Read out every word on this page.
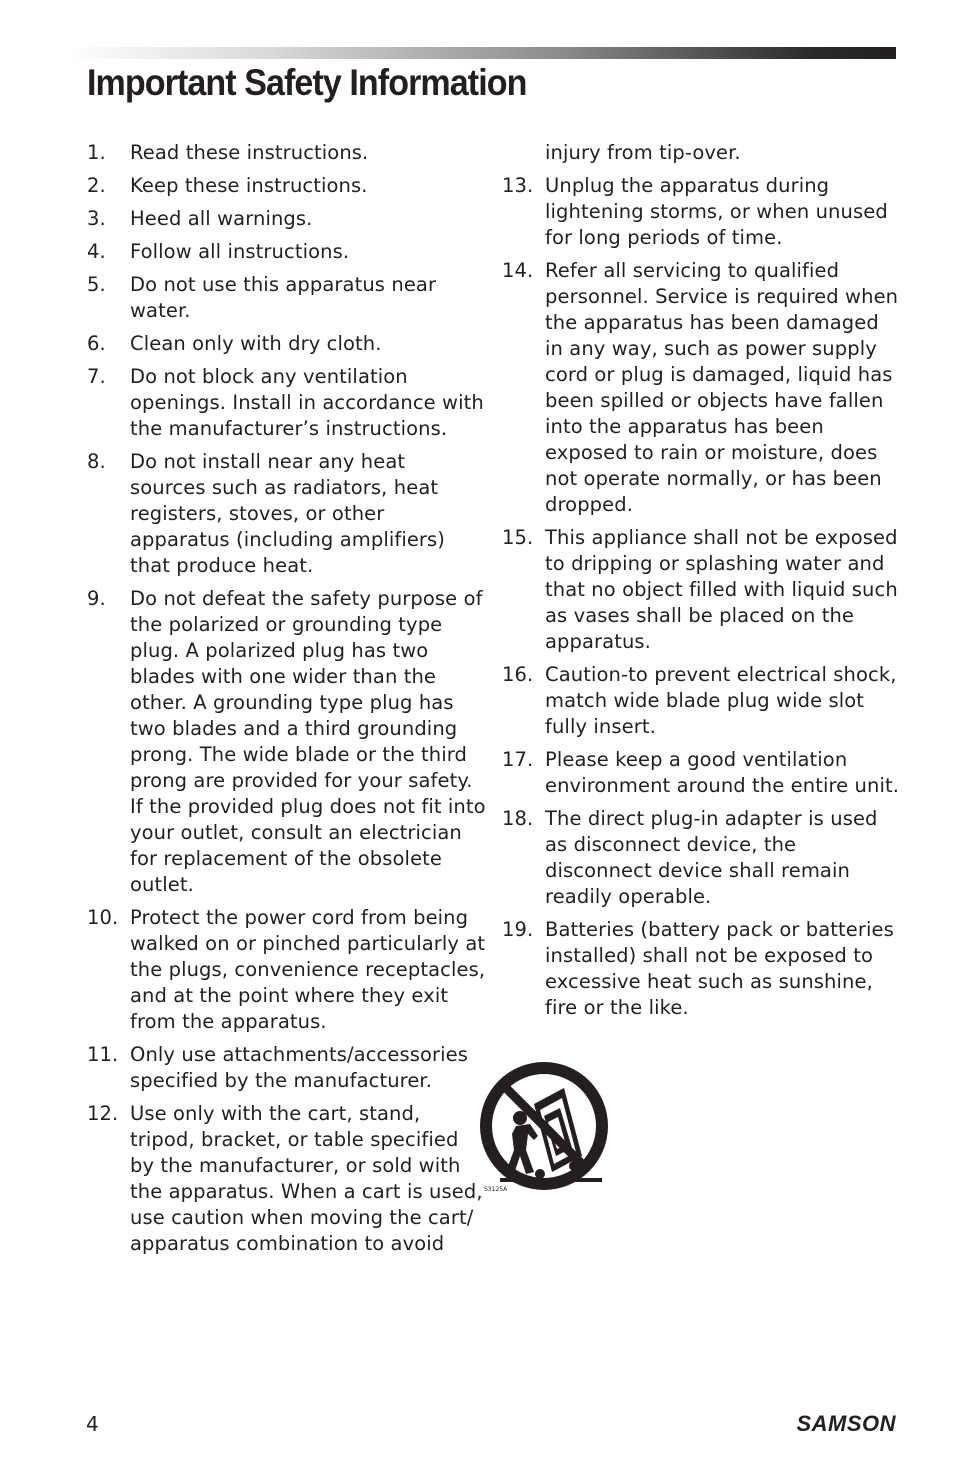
Important Safety Information
1. Read these instructions.
2. Keep these instructions.
3. Heed all warnings.
4. Follow all instructions.
5. Do not use this apparatus near water.
6. Clean only with dry cloth.
7. Do not block any ventilation openings. Install in accordance with the manufacturer’s instructions.
8. Do not install near any heat sources such as radiators, heat registers, stoves, or other apparatus (including amplifiers) that produce heat.
9. Do not defeat the safety purpose of the polarized or grounding type plug. A polarized plug has two blades with one wider than the other. A grounding type plug has two blades and a third grounding prong. The wide blade or the third prong are provided for your safety. If the provided plug does not fit into your outlet, consult an electrician for replacement of the obsolete outlet.
10. Protect the power cord from being walked on or pinched particularly at the plugs, convenience receptacles, and at the point where they exit from the apparatus.
11. Only use attachments/accessories specified by the manufacturer.
12. Use only with the cart, stand, tripod, bracket, or table specified by the manufacturer, or sold with the apparatus. When a cart is used, use caution when moving the cart/ apparatus combination to avoid
injury from tip-over.
13. Unplug the apparatus during lightening storms, or when unused for long periods of time.
14. Refer all servicing to qualified personnel. Service is required when the apparatus has been damaged in any way, such as power supply cord or plug is damaged, liquid has been spilled or objects have fallen into the apparatus has been exposed to rain or moisture, does not operate normally, or has been dropped.
15. This appliance shall not be exposed to dripping or splashing water and that no object filled with liquid such as vases shall be placed on the apparatus.
16. Caution-to prevent electrical shock, match wide blade plug wide slot fully insert.
17. Please keep a good ventilation environment around the entire unit.
18. The direct plug-in adapter is used as disconnect device, the disconnect device shall remain readily operable.
19. Batteries (battery pack or batteries installed) shall not be exposed to excessive heat such as sunshine, fire or the like.
S3125A
4	SAMSON
